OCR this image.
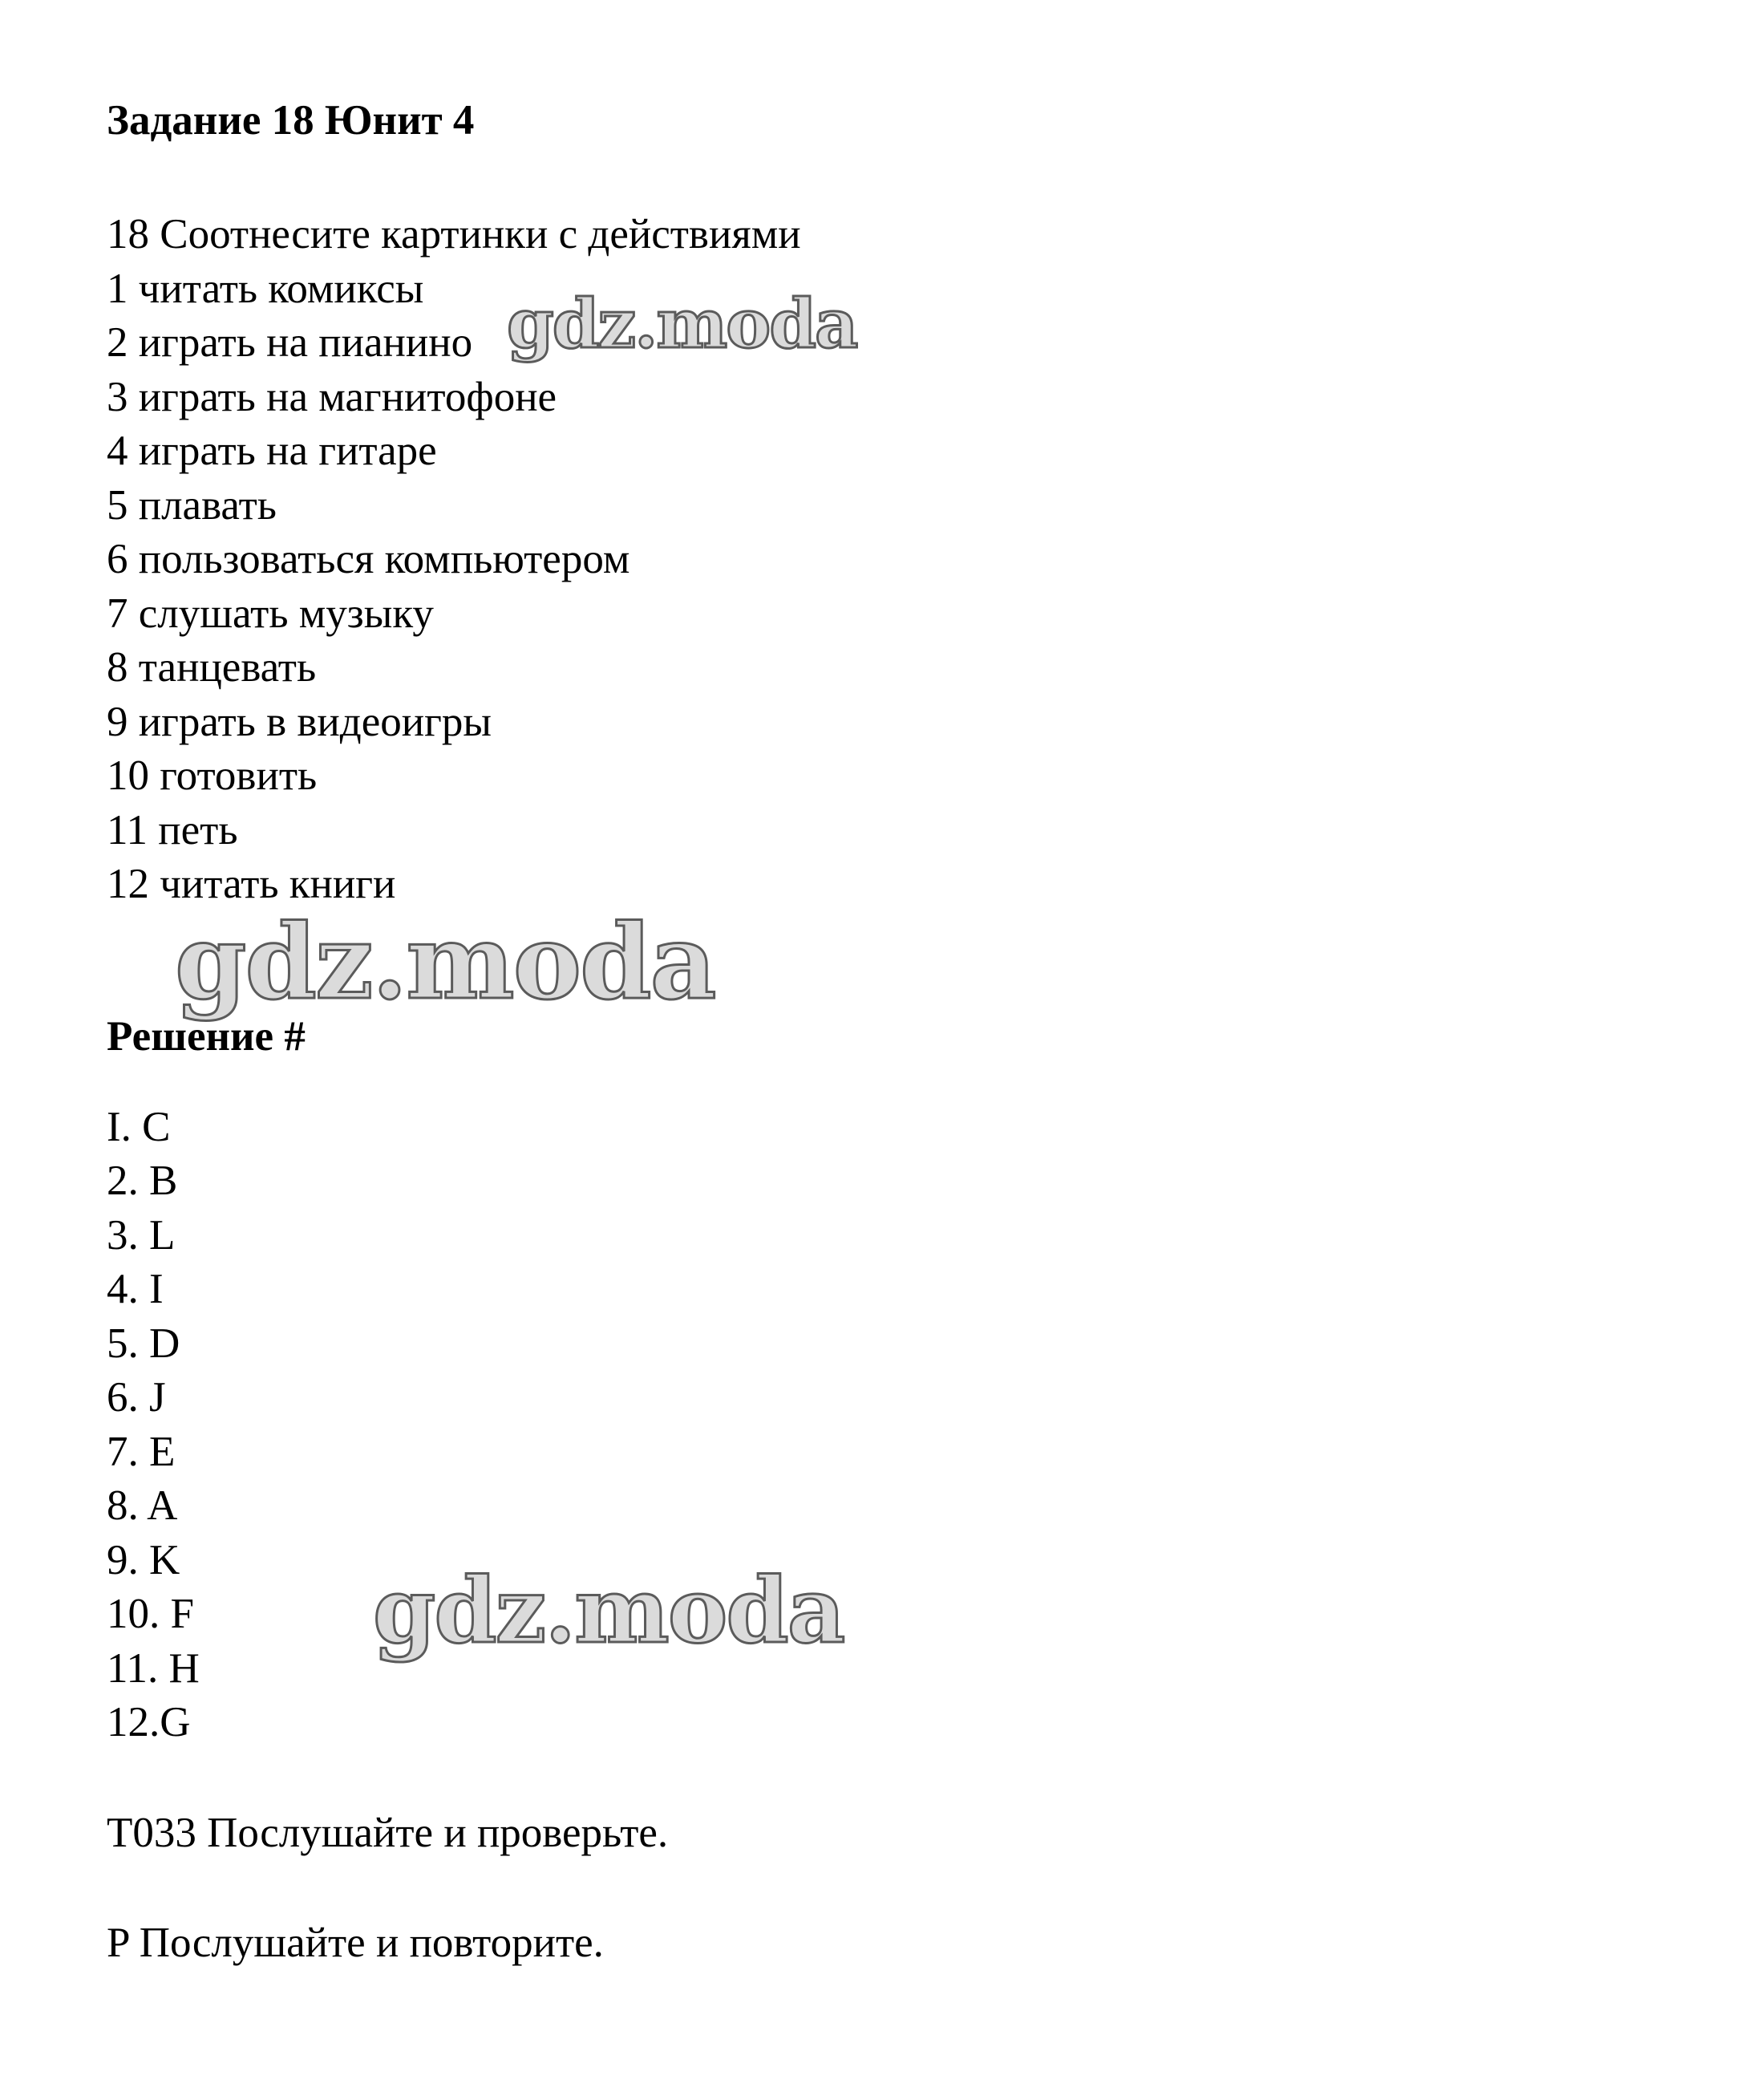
Задание 18 Юнит 4
18 Соотнесите картинки с действиями
1 читать комиксы
2 играть на пианино
3 играть на магнитофоне
4 играть на гитаре
5 плавать
6 пользоваться компьютером
7 слушать музыку
8 танцевать
9 играть в видеоигры
10 готовить
11 петь
12 читать книги
Решение #
I. C
2. B
3. L
4. I
5. D
6. J
7. E
8. A
9. K
10. F
11. H
12.G
T033 Послушайте и проверьте.
P Послушайте и повторите.
gdz.moda
gdz.moda
gdz.moda
